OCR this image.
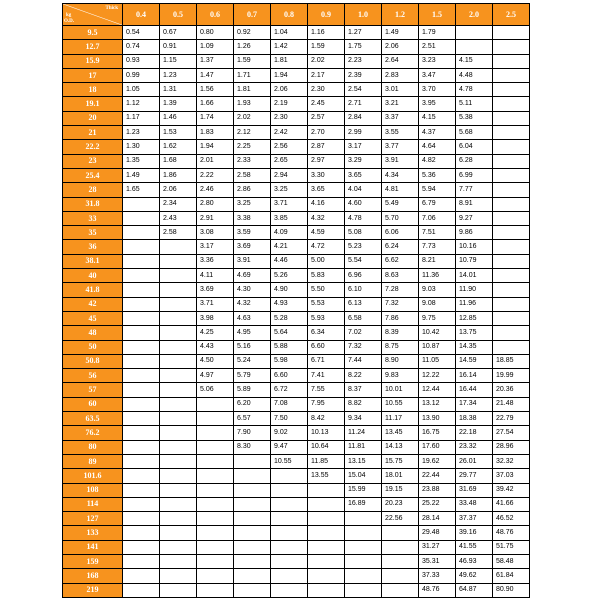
Thick
kg
O.D.	0.4	0.5	0.6	0.7	0.8	0.9	1.0	1.2	1.5	2.0	2.5
9.5	0.54	0.67	0.80	0.92	1.04	1.16	1.27	1.49	1.79		
12.7	0.74	0.91	1.09	1.26	1.42	1.59	1.75	2.06	2.51		
15.9	0.93	1.15	1.37	1.59	1.81	2.02	2.23	2.64	3.23	4.15	
17	0.99	1.23	1.47	1.71	1.94	2.17	2.39	2.83	3.47	4.48	
18	1.05	1.31	1.56	1.81	2.06	2.30	2.54	3.01	3.70	4.78	
19.1	1.12	1.39	1.66	1.93	2.19	2.45	2.71	3.21	3.95	5.11	
20	1.17	1.46	1.74	2.02	2.30	2.57	2.84	3.37	4.15	5.38	
21	1.23	1.53	1.83	2.12	2.42	2.70	2.99	3.55	4.37	5.68	
22.2	1.30	1.62	1.94	2.25	2.56	2.87	3.17	3.77	4.64	6.04	
23	1.35	1.68	2.01	2.33	2.65	2.97	3.29	3.91	4.82	6.28	
25.4	1.49	1.86	2.22	2.58	2.94	3.30	3.65	4.34	5.36	6.99	
28	1.65	2.06	2.46	2.86	3.25	3.65	4.04	4.81	5.94	7.77	
31.8		2.34	2.80	3.25	3.71	4.16	4.60	5.49	6.79	8.91	
33		2.43	2.91	3.38	3.85	4.32	4.78	5.70	7.06	9.27	
35		2.58	3.08	3.59	4.09	4.59	5.08	6.06	7.51	9.86	
36			3.17	3.69	4.21	4.72	5.23	6.24	7.73	10.16	
38.1			3.36	3.91	4.46	5.00	5.54	6.62	8.21	10.79	
40			4.11	4.69	5.26	5.83	6.96	8.63	11.36	14.01	
41.8			3.69	4.30	4.90	5.50	6.10	7.28	9.03	11.90	
42			3.71	4.32	4.93	5.53	6.13	7.32	9.08	11.96	
45			3.98	4.63	5.28	5.93	6.58	7.86	9.75	12.85	
48			4.25	4.95	5.64	6.34	7.02	8.39	10.42	13.75	
50			4.43	5.16	5.88	6.60	7.32	8.75	10.87	14.35	
50.8			4.50	5.24	5.98	6.71	7.44	8.90	11.05	14.59	18.85
56			4.97	5.79	6.60	7.41	8.22	9.83	12.22	16.14	19.99
57			5.06	5.89	6.72	7.55	8.37	10.01	12.44	16.44	20.36
60				6.20	7.08	7.95	8.82	10.55	13.12	17.34	21.48
63.5				6.57	7.50	8.42	9.34	11.17	13.90	18.38	22.79
76.2				7.90	9.02	10.13	11.24	13.45	16.75	22.18	27.54
80				8.30	9.47	10.64	11.81	14.13	17.60	23.32	28.96
89					10.55	11.85	13.15	15.75	19.62	26.01	32.32
101.6						13.55	15.04	18.01	22.44	29.77	37.03
108							15.99	19.15	23.88	31.69	39.42
114							16.89	20.23	25.22	33.48	41.66
127								22.56	28.14	37.37	46.52
133									29.48	39.16	48.76
141									31.27	41.55	51.75
159									35.31	46.93	58.48
168									37.33	49.62	61.84
219									48.76	64.87	80.90
